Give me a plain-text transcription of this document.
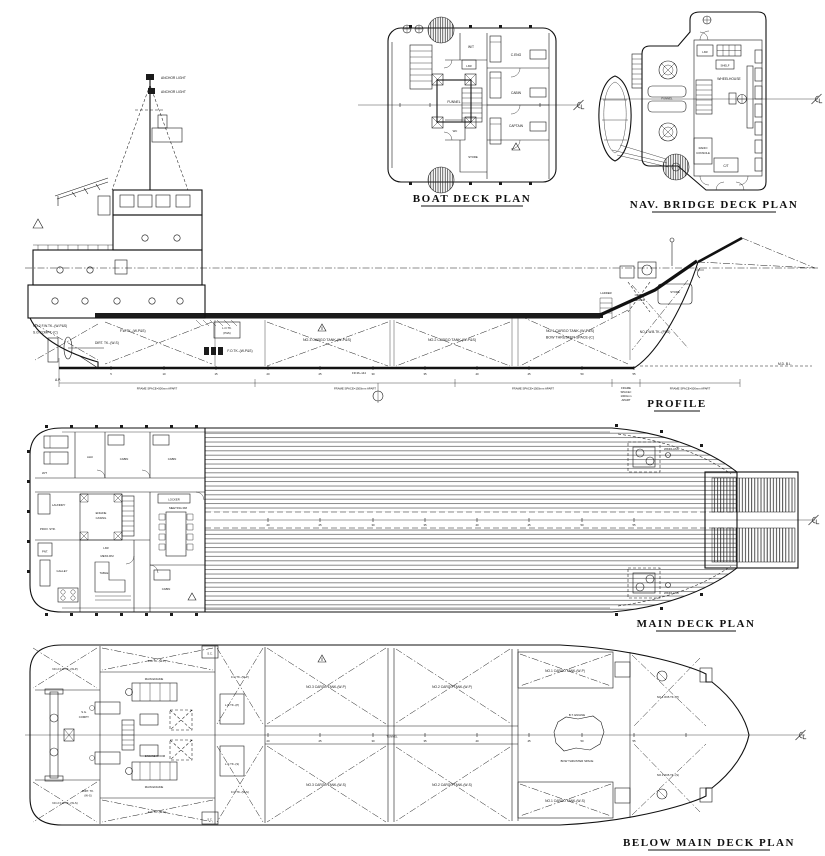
FUNNEL
C.ENG
CABIN
CAPTAIN
W/T
LKR
WC
STORE
BOAT DECK PLAN
LKR
SHELF
WHEELHOUSE
RADIO
CONSOLE
C/T
FUNNEL
NAV. BRIDGE DECK PLAN
ANCHOR LIGHT
ANCHOR LIGHT
NO.2 F.W.TK.-(W-P&S)
S.G.COMPT.-(C)
DIRT. TK.-(W-S)
F.W.TK.-(W-P&S)
L.O.TK.
(P&S)
F.O.TK.-(W-P&S)
NO.3 CARGO TANK-(W-P&S)	NO.2 CARGO TANK-(W-P&S)
NO.1 CARGO TANK-(W-P&S)
BOW THRUSTER SPACE-(C)
NO.1 W.B.TK.-(P&S)
CHAIN
LOCKER
STORE
LADDER
5	10	15	20	25	30	35	40	45	50	55
A.P.
FR.36~144
M.D. B.L.
FRAME SPACE=500mm APART	FRAME SPACE=1500mm APART	FRAME SPACE=1500mm APART	FRAME
SPACE=
1000mm
APART
FRAME SPACE=500mm APART
PROFILE
20	25	30	35	40	45	50	55
WINDLASS
WINDLASS
W/T
AHU	CABIN	CABIN
LAUNDRY
ENGINE
CASING
PROV. STR.
LOCKER
MEETING RM
PNT.
GALLEY
MESS RM
LKR
TABLE
CABIN
MAIN DECK PLAN
TUNNEL
NO.2 F.W.TK.-(W-P)
NO.2 F.W.TK.-(W-S)
S.G.
COMPT.
F.W.TK.-(W-P)
F.W.TK.-(W-S)
DIRT. TK.
(W-S)
MAIN ENGINE
MAIN ENGINE
ENGINE ROOM
S.C.
S.C.
F.O.TK.-(W-P)
L.O.TK.-(P)
F.O.TK.-(W-S)
L.O.TK.-(S)
NO.3 CARGO TANK-(W-P)
NO.3 CARGO TANK-(W-S)
NO.2 CARGO TANK-(W-P)
NO.2 CARGO TANK-(W-S)
NO.1 CARGO TANK-(W-P)
NO.1 CARGO TANK-(W-S)
B.T. ENGINE
BOW THRUSTER SPACE
NO.1 W.B.TK.-(P)
NO.1 W.B.TK.-(S)
20	25	30	35	40	45	50	55
BELOW MAIN DECK PLAN
